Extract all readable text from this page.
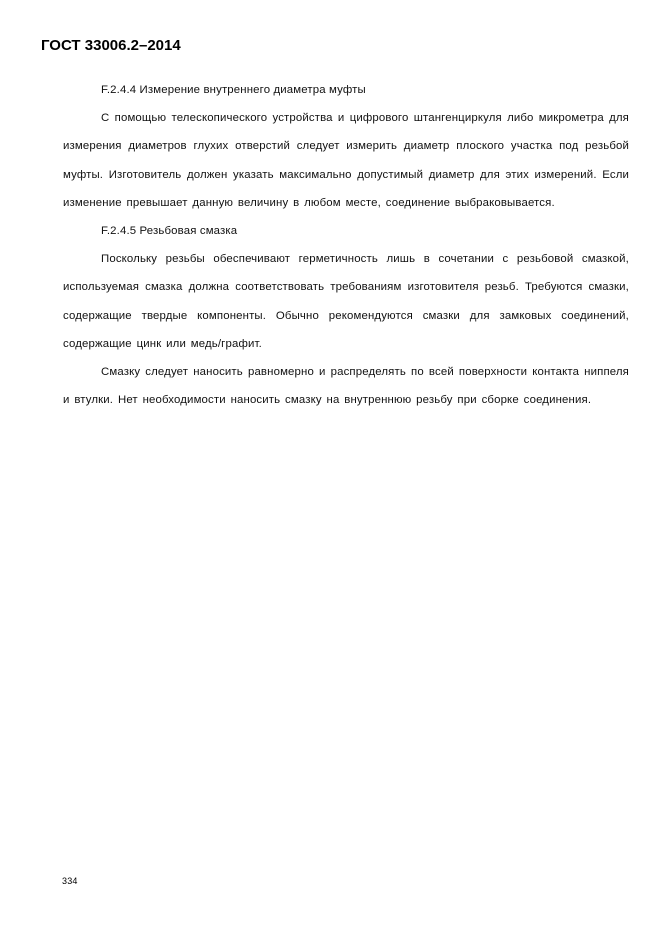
ГОСТ 33006.2–2014

F.2.4.4 Измерение внутреннего диаметра муфты

С помощью телескопического устройства и цифрового штангенциркуля либо микрометра для измерения диаметров глухих отверстий следует измерить диаметр плоского участка под резьбой муфты. Изготовитель должен указать максимально допустимый диаметр для этих измерений. Если изменение превышает данную величину в любом месте, соединение выбраковывается.

F.2.4.5 Резьбовая смазка

Поскольку резьбы обеспечивают герметичность лишь в сочетании с резьбовой смазкой, используемая смазка должна соответствовать требованиям изготовителя резьб. Требуются смазки, содержащие твердые компоненты. Обычно рекомендуются смазки для замковых соединений, содержащие цинк или медь/графит.

Смазку следует наносить равномерно и распределять по всей поверхности контакта ниппеля и втулки. Нет необходимости наносить смазку на внутреннюю резьбу при сборке соединения.

334
